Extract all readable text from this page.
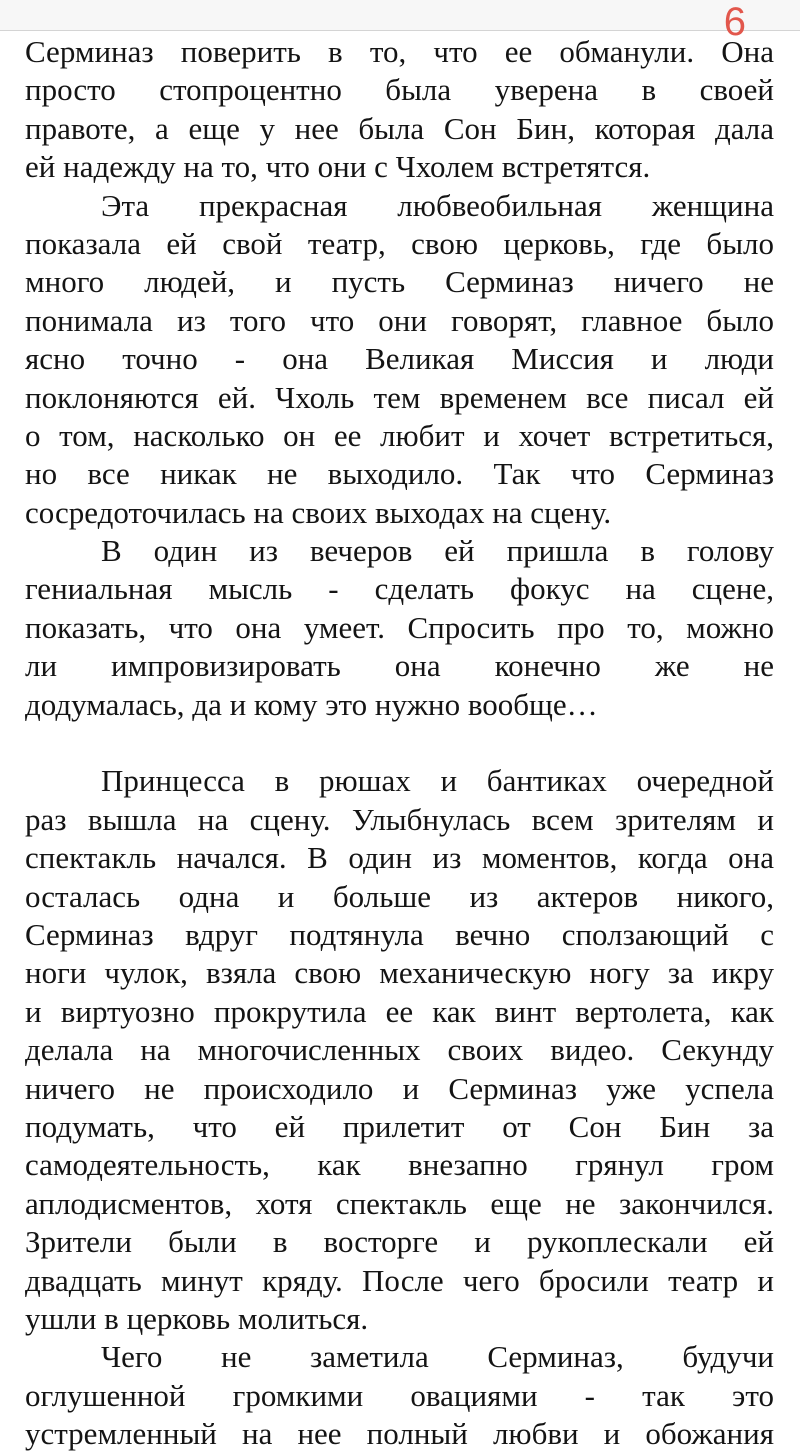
6
Серминаз поверить в то, что ее обманули. Она
просто стопроцентно была уверена в своей
правоте, а еще у нее была Сон Бин, которая дала
ей надежду на то, что они с Чхолем встретятся.
Эта прекрасная любвеобильная женщина
показала ей свой театр, свою церковь, где было
много людей, и пусть Серминаз ничего не
понимала из того что они говорят, главное было
ясно точно - она Великая Миссия и люди
поклоняются ей. Чхоль тем временем все писал ей
о том, насколько он ее любит и хочет встретиться,
но все никак не выходило. Так что Серминаз
сосредоточилась на своих выходах на сцену.
В один из вечеров ей пришла в голову
гениальная мысль - сделать фокус на сцене,
показать, что она умеет. Спросить про то, можно
ли импровизировать она конечно же не
додумалась, да и кому это нужно вообще…
Принцесса в рюшах и бантиках очередной
раз вышла на сцену. Улыбнулась всем зрителям и
спектакль начался. В один из моментов, когда она
осталась одна и больше из актеров никого,
Серминаз вдруг подтянула вечно сползающий с
ноги чулок, взяла свою механическую ногу за икру
и виртуозно прокрутила ее как винт вертолета, как
делала на многочисленных своих видео. Секунду
ничего не происходило и Серминаз уже успела
подумать, что ей прилетит от Сон Бин за
самодеятельность, как внезапно грянул гром
аплодисментов, хотя спектакль еще не закончился.
Зрители были в восторге и рукоплескали ей
двадцать минут кряду. После чего бросили театр и
ушли в церковь молиться.
Чего не заметила Серминаз, будучи
оглушенной громкими овациями - так это
устремленный на нее полный любви и обожания
